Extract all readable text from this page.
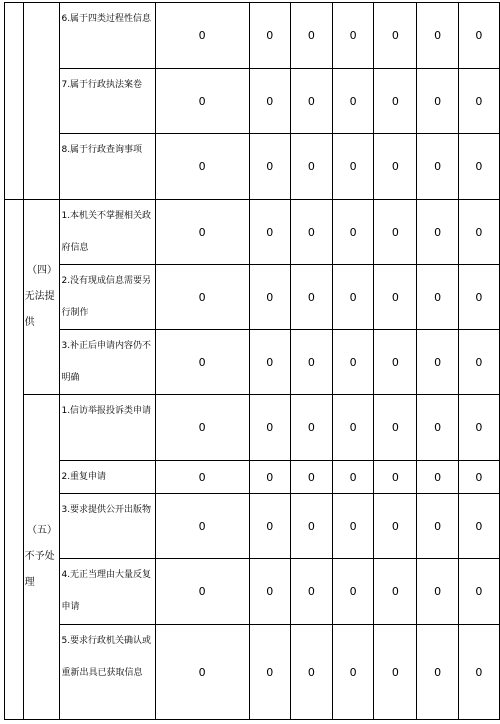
		6.属于四类过程性信息	0	0	0	0	0	0	0
		7.属于行政执法案卷	0	0	0	0	0	0	0
		8.属于行政查询事项	0	0	0	0	0	0	0

	（四）
无法提供	1.本机关不掌握相关政府信息	0	0	0	0	0	0	0
		2.没有现成信息需要另行制作	0	0	0	0	0	0	0
		3.补正后申请内容仍不明确	0	0	0	0	0	0	0

	（五）
不予处理	1.信访举报投诉类申请	0	0	0	0	0	0	0
		2.重复申请	0	0	0	0	0	0	0
		3.要求提供公开出版物	0	0	0	0	0	0	0
		4.无正当理由大量反复申请	0	0	0	0	0	0	0
		5.要求行政机关确认或重新出具已获取信息	0	0	0	0	0	0	0
